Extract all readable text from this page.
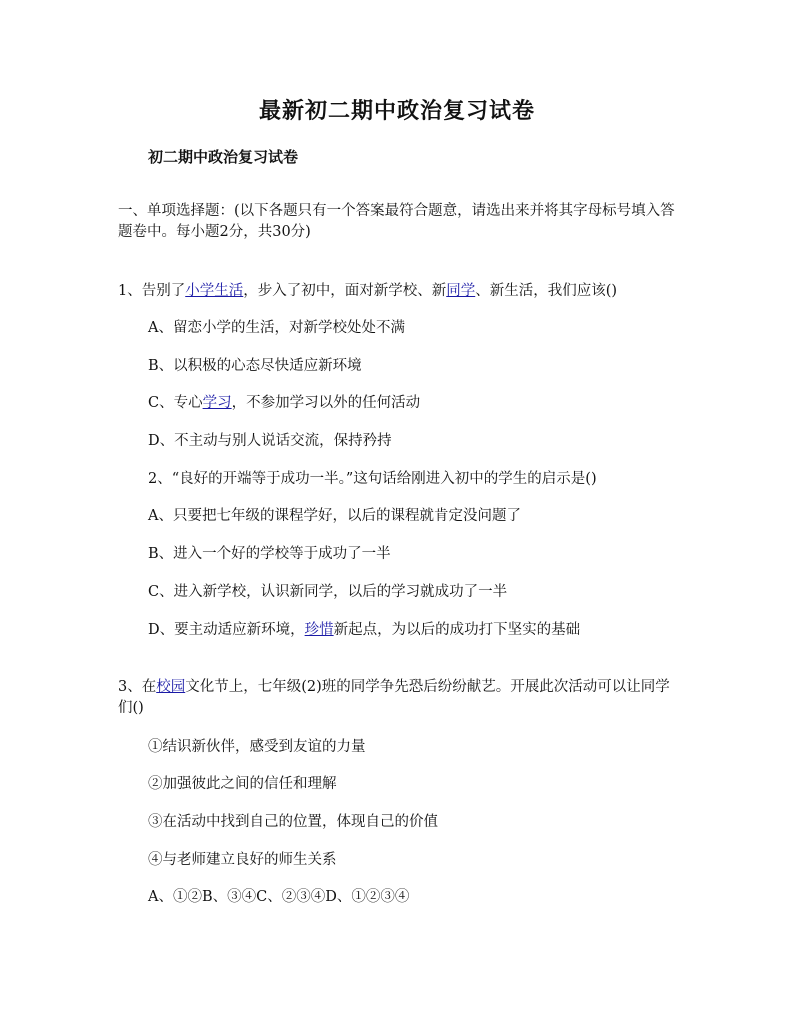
最新初二期中政治复习试卷
初二期中政治复习试卷
一、单项选择题：(以下各题只有一个答案最符合题意，请选出来并将其字母标号填入答题卷中。每小题2分，共30分)
1、告别了小学生活，步入了初中，面对新学校、新同学、新生活，我们应该()
A、留恋小学的生活，对新学校处处不满
B、以积极的心态尽快适应新环境
C、专心学习，不参加学习以外的任何活动
D、不主动与别人说话交流，保持矜持
2、“良好的开端等于成功一半。”这句话给刚进入初中的学生的启示是()
A、只要把七年级的课程学好，以后的课程就肯定没问题了
B、进入一个好的学校等于成功了一半
C、进入新学校，认识新同学，以后的学习就成功了一半
D、要主动适应新环境，珍惜新起点，为以后的成功打下坚实的基础
3、在校园文化节上，七年级(2)班的同学争先恐后纷纷献艺。开展此次活动可以让同学们()
①结识新伙伴，感受到友谊的力量
②加强彼此之间的信任和理解
③在活动中找到自己的位置，体现自己的价值
④与老师建立良好的师生关系
A、①②B、③④C、②③④D、①②③④
